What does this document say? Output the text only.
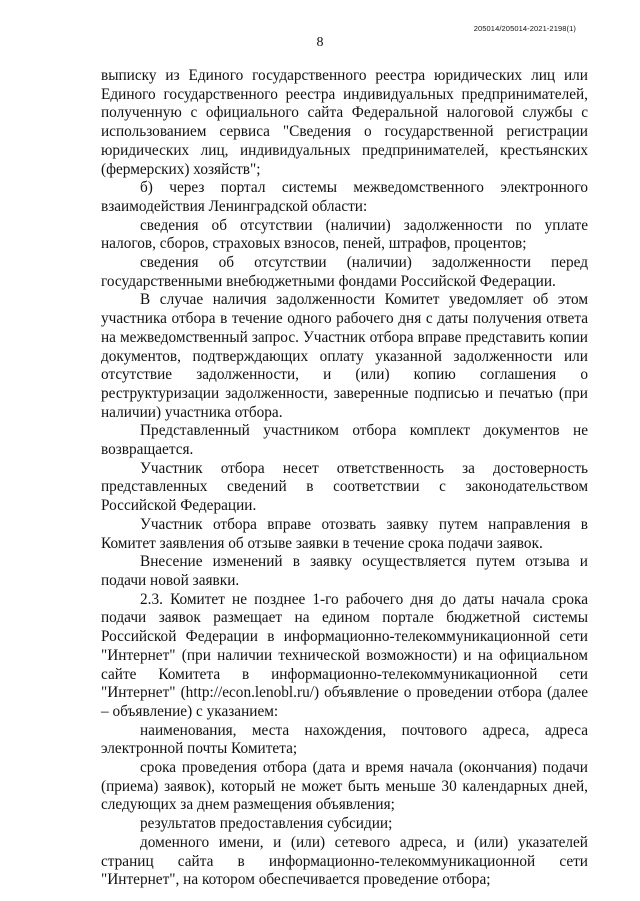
205014/205014-2021-2198(1)
8

выписку из Единого государственного реестра юридических лиц или Единого государственного реестра индивидуальных предпринимателей, полученную с официального сайта Федеральной налоговой службы с использованием сервиса "Сведения о государственной регистрации юридических лиц, индивидуальных предпринимателей, крестьянских (фермерских) хозяйств";

б) через портал системы межведомственного электронного взаимодействия Ленинградской области:

сведения об отсутствии (наличии) задолженности по уплате налогов, сборов, страховых взносов, пеней, штрафов, процентов;

сведения об отсутствии (наличии) задолженности перед государственными внебюджетными фондами Российской Федерации.

В случае наличия задолженности Комитет уведомляет об этом участника отбора в течение одного рабочего дня с даты получения ответа на межведомственный запрос. Участник отбора вправе представить копии документов, подтверждающих оплату указанной задолженности или отсутствие задолженности, и (или) копию соглашения о реструктуризации задолженности, заверенные подписью и печатью (при наличии) участника отбора.

Представленный участником отбора комплект документов не возвращается.

Участник отбора несет ответственность за достоверность представленных сведений в соответствии с законодательством Российской Федерации.

Участник отбора вправе отозвать заявку путем направления в Комитет заявления об отзыве заявки в течение срока подачи заявок.

Внесение изменений в заявку осуществляется путем отзыва и подачи новой заявки.

2.3. Комитет не позднее 1-го рабочего дня до даты начала срока подачи заявок размещает на едином портале бюджетной системы Российской Федерации в информационно-телекоммуникационной сети "Интернет" (при наличии технической возможности) и на официальном сайте Комитета в информационно-телекоммуникационной сети "Интернет" (http://econ.lenobl.ru/) объявление о проведении отбора (далее – объявление) с указанием:

наименования, места нахождения, почтового адреса, адреса электронной почты Комитета;

срока проведения отбора (дата и время начала (окончания) подачи (приема) заявок), который не может быть меньше 30 календарных дней, следующих за днем размещения объявления;

результатов предоставления субсидии;

доменного имени, и (или) сетевого адреса, и (или) указателей страниц сайта в информационно-телекоммуникационной сети "Интернет", на котором обеспечивается проведение отбора;
